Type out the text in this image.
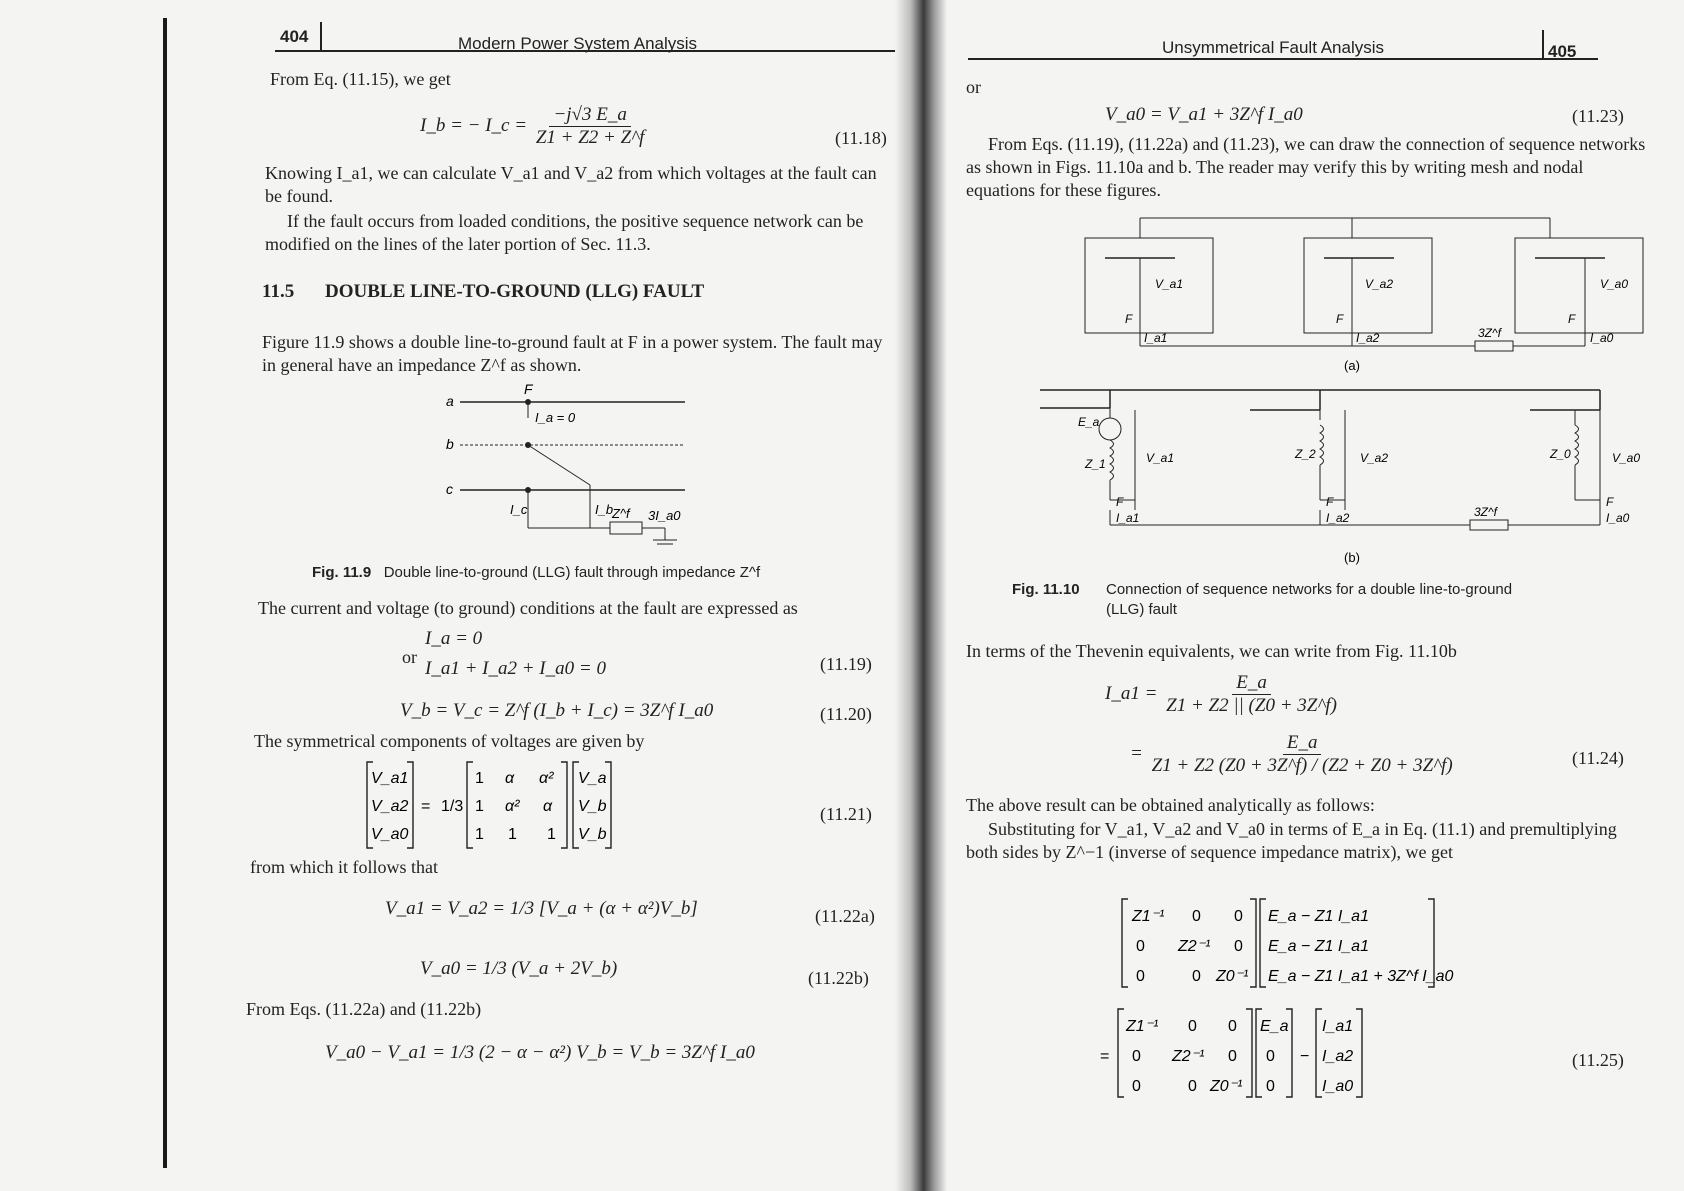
404	Modern Power System Analysis
From Eq. (11.15), we get
I_b = − I_c = $\frac{-j√3 E\_a}{Z1 + Z2 + Z\^{}f}$	(11.18)
Knowing I_a1, we can calculate V_a1 and V_a2 from which voltages at the fault can be found.
If the fault occurs from loaded conditions, the positive sequence network can be modified on the lines of the later portion of Sec. 11.3.
11.5 DOUBLE LINE-TO-GROUND (LLG) FAULT
Figure 11.9 shows a double line-to-ground fault at F in a power system. The fault may in general have an impedance Z^f as shown.
a
b
c
F
I_a = 0
I_c	I_b
Z^f 3I_a0
Fig. 11.9 Double line-to-ground (LLG) fault through impedance Z^f
The current and voltage (to ground) conditions at the fault are expressed as
I_a = 0
or
I_a1 + I_a2 + I_a0 = 0	(11.19)
V_b = V_c = Z^f (I_b + I_c) = 3Z^f I_a0	(11.20)
The symmetrical components of voltages are given by
V_a1
V_a2
V_a0
= 1/3
1 α α²
1 α² α
1 1 1
V_a
V_b
V_b
(11.21)
from which it follows that
V_a1 = V_a2 = 1/3 [V_a + (α + α²)V_b]	(11.22a)
V_a0 = 1/3 (V_a + 2V_b)	(11.22b)
From Eqs. (11.22a) and (11.22b)
V_a0 − V_a1 = 1/3 (2 − α − α²) V_b = V_b = 3Z^f I_a0
Unsymmetrical Fault Analysis	405
or
V_a0 = V_a1 + 3Z^f I_a0	(11.23)
From Eqs. (11.19), (11.22a) and (11.23), we can draw the connection of sequence networks as shown in Figs. 11.10a and b. The reader may verify this by writing mesh and nodal equations for these figures.
V_a1	V_a2	V_a0
F	F	F
I_a1	I_a2	3Z^f	I_a0
(a)
E_a
Z_1
Z_2	Z_0
V_a1	V_a2	V_a0
F	F	F
I_a1	I_a2	3Z^f	I_a0
(b)
Fig. 11.10 Connection of sequence networks for a double line-to-ground
(LLG) fault
In terms of the Thevenin equivalents, we can write from Fig. 11.10b
I_a1 = $\frac{E\_a}{Z1 + Z2 || (Z0 + 3Z\^{}f)}$
= $\frac{E\_a}{Z1 + Z2 (Z0 + 3Z\^{}f) / (Z2 + Z0 + 3Z\^{}f)}$	(11.24)
The above result can be obtained analytically as follows:
Substituting for V_a1, V_a2 and V_a0 in terms of E_a in Eq. (11.1) and premultiplying both sides by Z^−1 (inverse of sequence impedance matrix), we get
Z1⁻¹ 0 0
0 Z2⁻¹ 0
0	0 Z0⁻¹
E_a − Z1 I_a1
E_a − Z1 I_a1
E_a − Z1 I_a1 + 3Z^f I_a0
=
Z1⁻¹ 0 0
0 Z2⁻¹ 0
0	0 Z0⁻¹
E_a
0
0
−
I_a1
I_a2
I_a0
(11.25)
